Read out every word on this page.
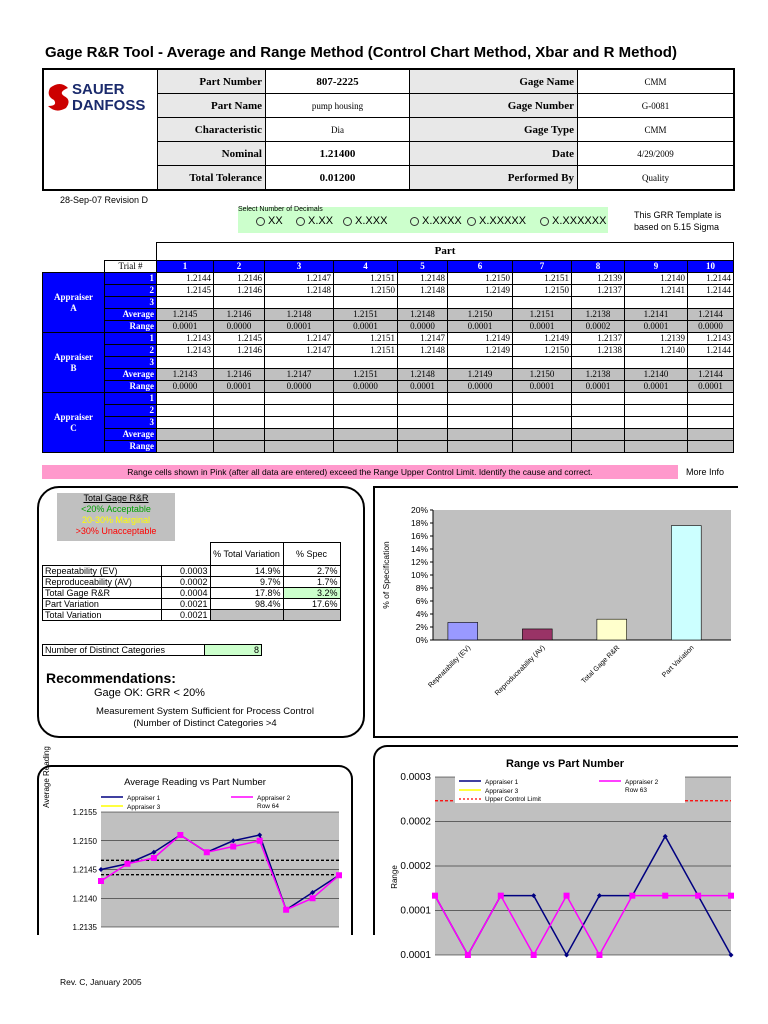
Gage R&R Tool - Average and Range Method (Control Chart Method, Xbar and R Method)
SAUER
DANFOSS
Part Number	807-2225	Gage Name	CMM
Part Name	pump housing	Gage Number	G-0081
Characteristic	Dia	Gage Type	CMM
Nominal	1.21400	Date	4/29/2009
Total Tolerance	0.01200	Performed By	Quality
28-Sep-07 Revision D
Select Number of Decimals
XX X.XX X.XXX	X.XXXX X.XXXXX X.XXXXXX	This GRR Template is based on 5.15 Sigma
		Part									
	Trial #	1	2	3	4	5	6	7	8	9	10

Appraiser
A	1	1.2144	1.2146	1.2147	1.2151	1.2148	1.2150	1.2151	1.2139	1.2140	1.2144
	2	1.2145	1.2146	1.2148	1.2150	1.2148	1.2149	1.2150	1.2137	1.2141	1.2144
	3										
	Average	1.2145	1.2146	1.2148	1.2151	1.2148	1.2150	1.2151	1.2138	1.2141	1.2144
	Range	0.0001	0.0000	0.0001	0.0001	0.0000	0.0001	0.0001	0.0002	0.0001	0.0000

Appraiser
B	1	1.2143	1.2145	1.2147	1.2151	1.2147	1.2149	1.2149	1.2137	1.2139	1.2143
	2	1.2143	1.2146	1.2147	1.2151	1.2148	1.2149	1.2150	1.2138	1.2140	1.2144
	3										
	Average	1.2143	1.2146	1.2147	1.2151	1.2148	1.2149	1.2150	1.2138	1.2140	1.2144
	Range	0.0000	0.0001	0.0000	0.0000	0.0001	0.0000	0.0001	0.0001	0.0001	0.0001

Appraiser
C	1										
	2										
	3										
	Average										
	Range										
Range cells shown in Pink (after all data are entered) exceed the Range Upper Control Limit. Identify the cause and correct.	More Info
Total Gage R&R
<20% Acceptable
20-30% Marginal
>30% Unacceptable
		% Total Variation	% Spec
Repeatability (EV)	0.0003	14.9%	2.7%
Reproduceability (AV)	0.0002	9.7%	1.7%
Total Gage R&R	0.0004	17.8%	3.2%
Part Variation	0.0021	98.4%	17.6%
Total Variation	0.0021		
Number of Distinct Categories	8
Recommendations:
Gage OK: GRR < 20%
Measurement System Sufficient for Process Control
(Number of Distinct Categories >4
0%
2%
4%
6%
8%
10%
12%
14%
16%
18%
20%
Repeatability (EV)	Reproduceability (AV)	Total Gage R&R	Part Variation
% of Specification
1.2135
1.2140
1.2145
1.2150
1.2155
Appraiser 1	Appraiser 2
Appraiser 3	Row 64
Average Reading vs Part Number
Average Reading	0.0003
0.0002
0.0002
0.0001
0.0001
Appraiser 1	Appraiser 2
Appraiser 3	Row 63
Upper Control Limit
Range vs Part Number
Range
Rev. C, January 2005
